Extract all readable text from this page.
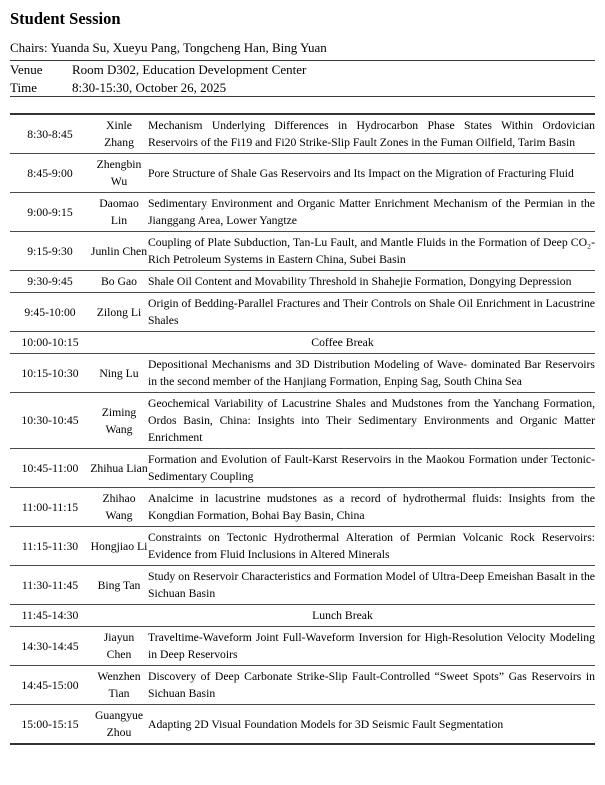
Student Session
Chairs: Yuanda Su, Xueyu Pang, Tongcheng Han, Bing Yuan
Venue	Room D302, Education Development Center
Time	8:30-15:30, October 26, 2025
8:30-8:45	Xinle Zhang	Mechanism Underlying Differences in Hydrocarbon Phase States Within Ordovician Reservoirs of the Fi19 and Fi20 Strike-Slip Fault Zones in the Fuman Oilfield, Tarim Basin
8:45-9:00	Zhengbin Wu	Pore Structure of Shale Gas Reservoirs and Its Impact on the Migration of Fracturing Fluid
9:00-9:15	Daomao Lin	Sedimentary Environment and Organic Matter Enrichment Mechanism of the Permian in the Jianggang Area, Lower Yangtze
9:15-9:30	Junlin Chen	Coupling of Plate Subduction, Tan-Lu Fault, and Mantle Fluids in the Formation of Deep CO₂-Rich Petroleum Systems in Eastern China, Subei Basin
9:30-9:45	Bo Gao	Shale Oil Content and Movability Threshold in Shahejie Formation, Dongying Depression
9:45-10:00	Zilong Li	Origin of Bedding-Parallel Fractures and Their Controls on Shale Oil Enrichment in Lacustrine Shales
10:00-10:15	Coffee Break	
10:15-10:30	Ning Lu	Depositional Mechanisms and 3D Distribution Modeling of Wave- dominated Bar Reservoirs in the second member of the Hanjiang Formation, Enping Sag, South China Sea
10:30-10:45	Ziming Wang	Geochemical Variability of Lacustrine Shales and Mudstones from the Yanchang Formation, Ordos Basin, China: Insights into Their Sedimentary Environments and Organic Matter Enrichment
10:45-11:00	Zhihua Lian	Formation and Evolution of Fault-Karst Reservoirs in the Maokou Formation under Tectonic-Sedimentary Coupling
11:00-11:15	Zhihao Wang	Analcime in lacustrine mudstones as a record of hydrothermal fluids: Insights from the Kongdian Formation, Bohai Bay Basin, China
11:15-11:30	Hongjiao Li	Constraints on Tectonic Hydrothermal Alteration of Permian Volcanic Rock Reservoirs: Evidence from Fluid Inclusions in Altered Minerals
11:30-11:45	Bing Tan	Study on Reservoir Characteristics and Formation Model of Ultra-Deep Emeishan Basalt in the Sichuan Basin
11:45-14:30	Lunch Break	
14:30-14:45	Jiayun Chen	Traveltime-Waveform Joint Full-Waveform Inversion for High-Resolution Velocity Modeling in Deep Reservoirs
14:45-15:00	Wenzhen Tian	Discovery of Deep Carbonate Strike-Slip Fault-Controlled “Sweet Spots” Gas Reservoirs in Sichuan Basin
15:00-15:15	Guangyue Zhou	Adapting 2D Visual Foundation Models for 3D Seismic Fault Segmentation
